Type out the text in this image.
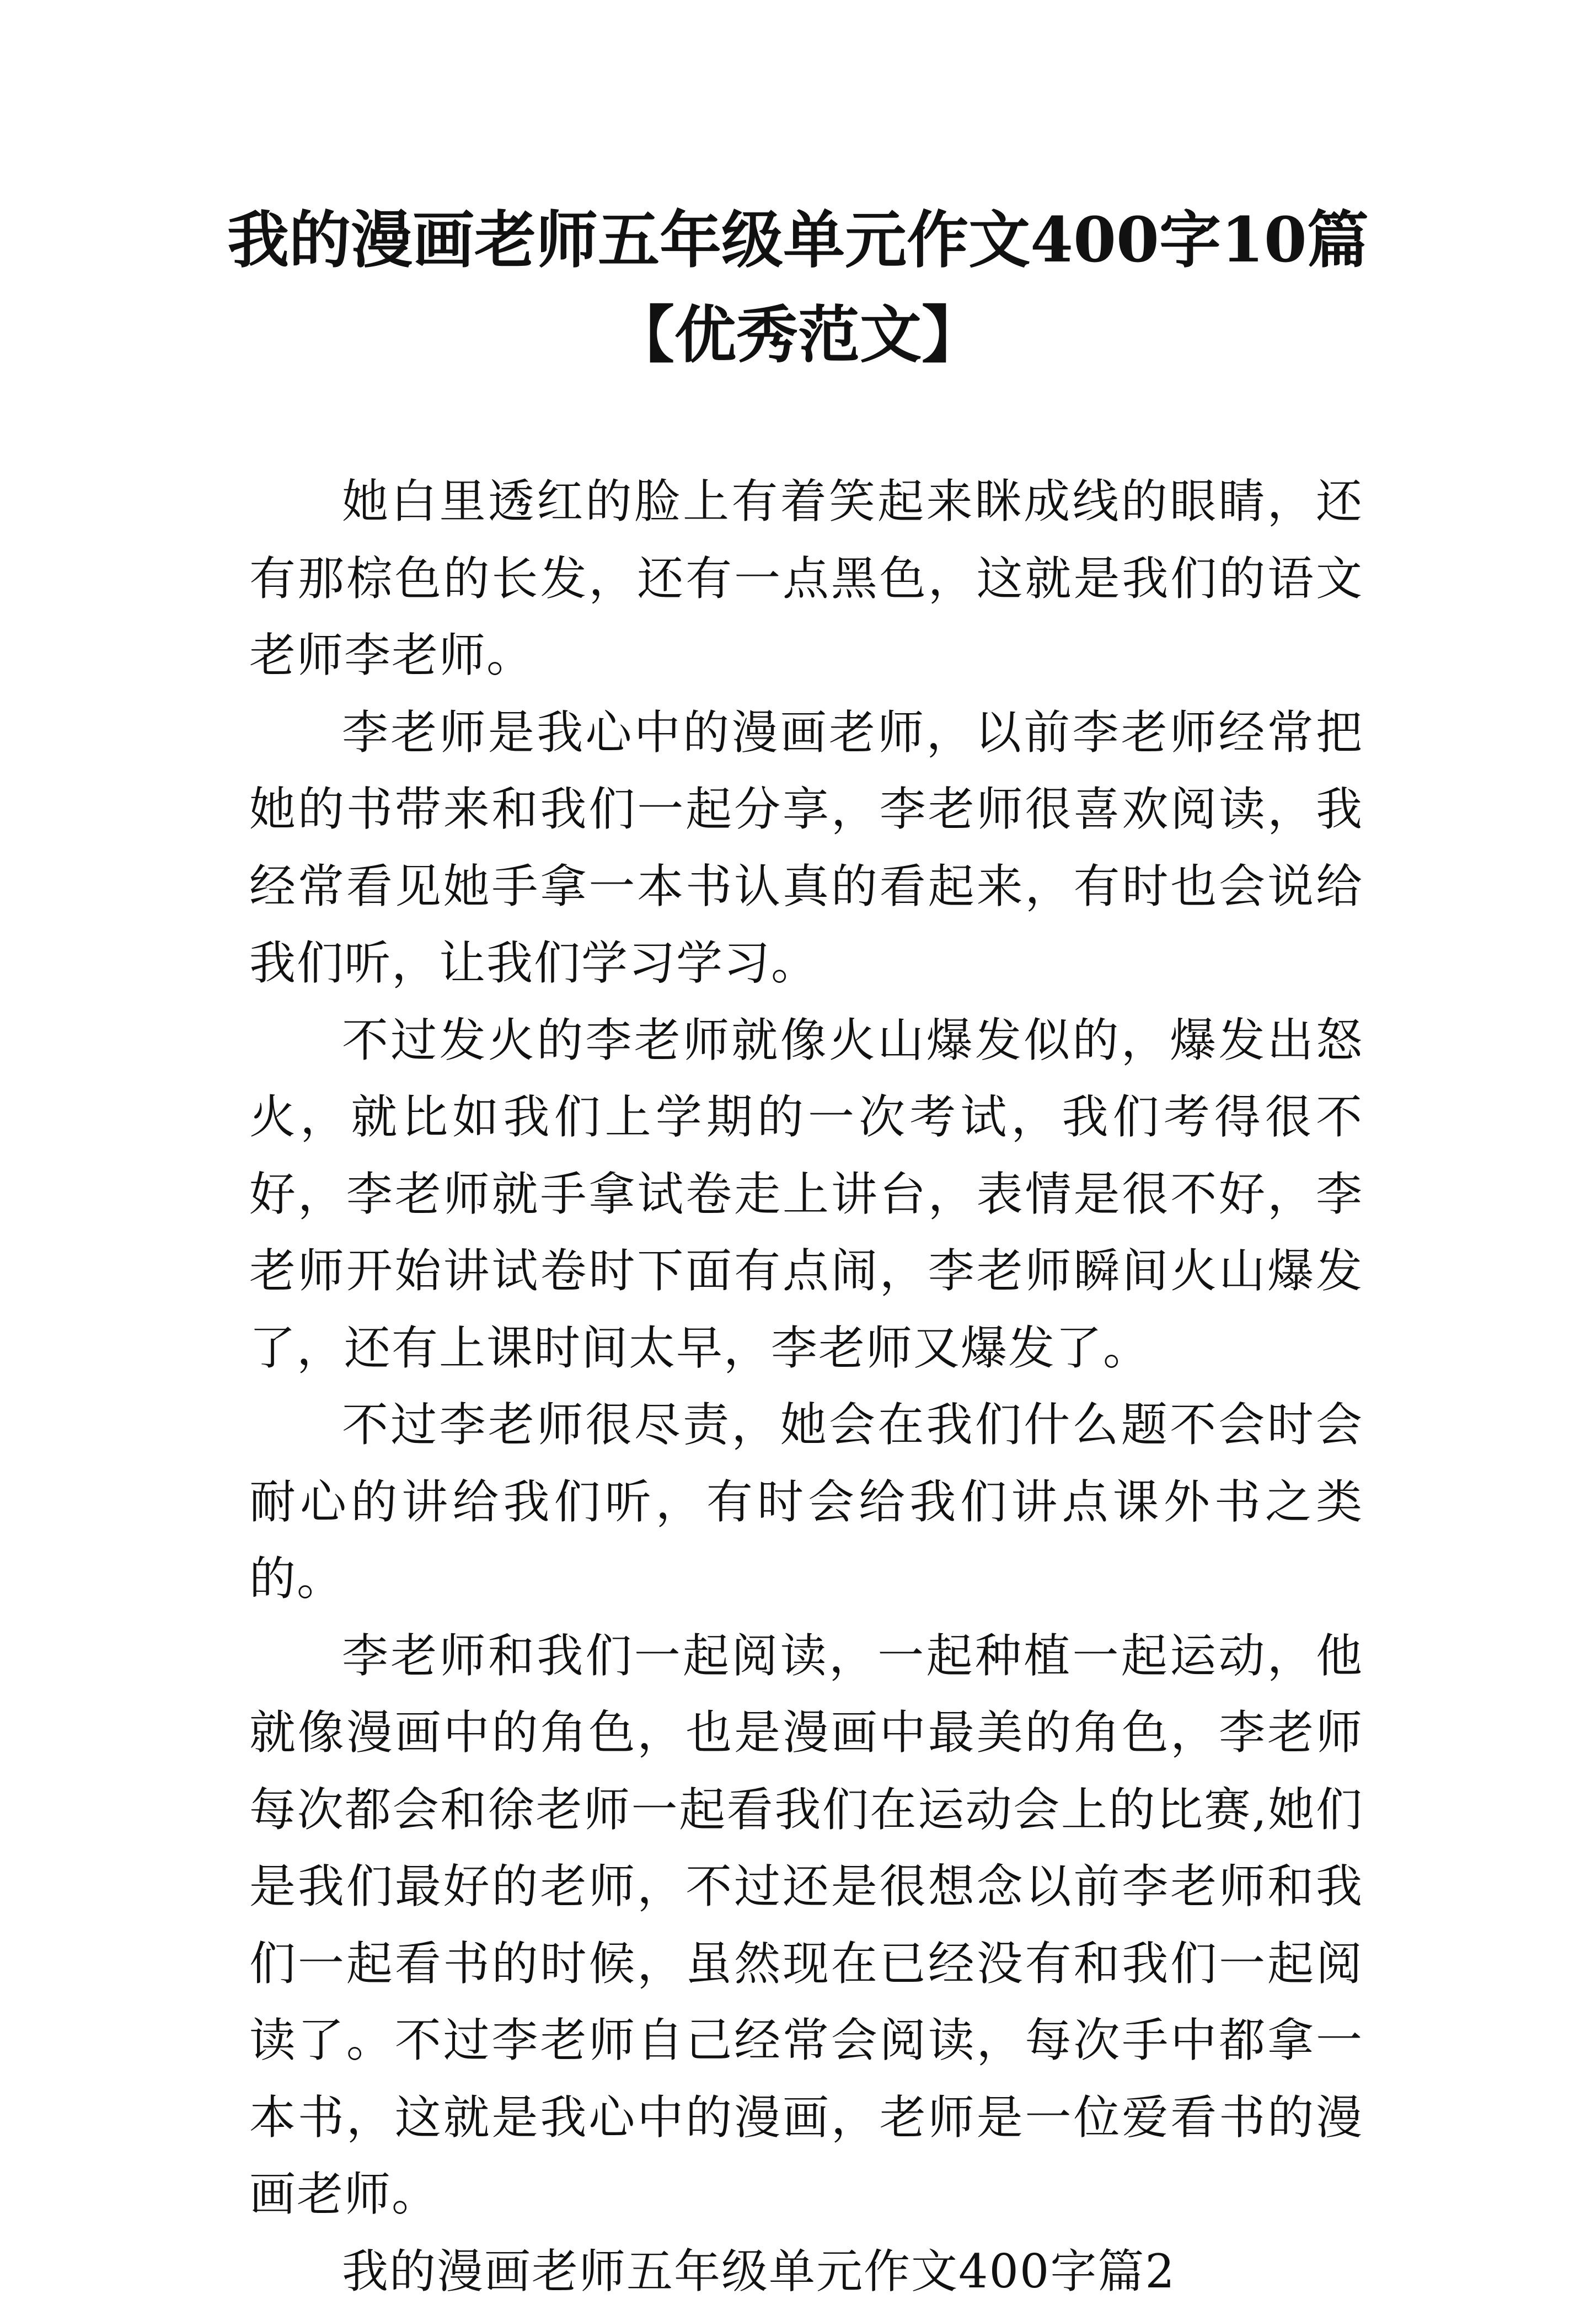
我的漫画老师五年级单元作文400字10篇
【优秀范文】

她白里透红的脸上有着笑起来眯成线的眼睛，还有那棕色的长发，还有一点黑色，这就是我们的语文老师李老师。

李老师是我心中的漫画老师，以前李老师经常把她的书带来和我们一起分享，李老师很喜欢阅读，我经常看见她手拿一本书认真的看起来，有时也会说给我们听，让我们学习学习。

不过发火的李老师就像火山爆发似的，爆发出怒火，就比如我们上学期的一次考试，我们考得很不好，李老师就手拿试卷走上讲台，表情是很不好，李老师开始讲试卷时下面有点闹，李老师瞬间火山爆发了，还有上课时间太早，李老师又爆发了。

不过李老师很尽责，她会在我们什么题不会时会耐心的讲给我们听，有时会给我们讲点课外书之类的。

李老师和我们一起阅读，一起种植一起运动，他就像漫画中的角色，也是漫画中最美的角色，李老师每次都会和徐老师一起看我们在运动会上的比赛,她们是我们最好的老师，不过还是很想念以前李老师和我们一起看书的时候，虽然现在已经没有和我们一起阅读了。不过李老师自己经常会阅读，每次手中都拿一本书，这就是我心中的漫画，老师是一位爱看书的漫画老师。

我的漫画老师五年级单元作文400字篇2
